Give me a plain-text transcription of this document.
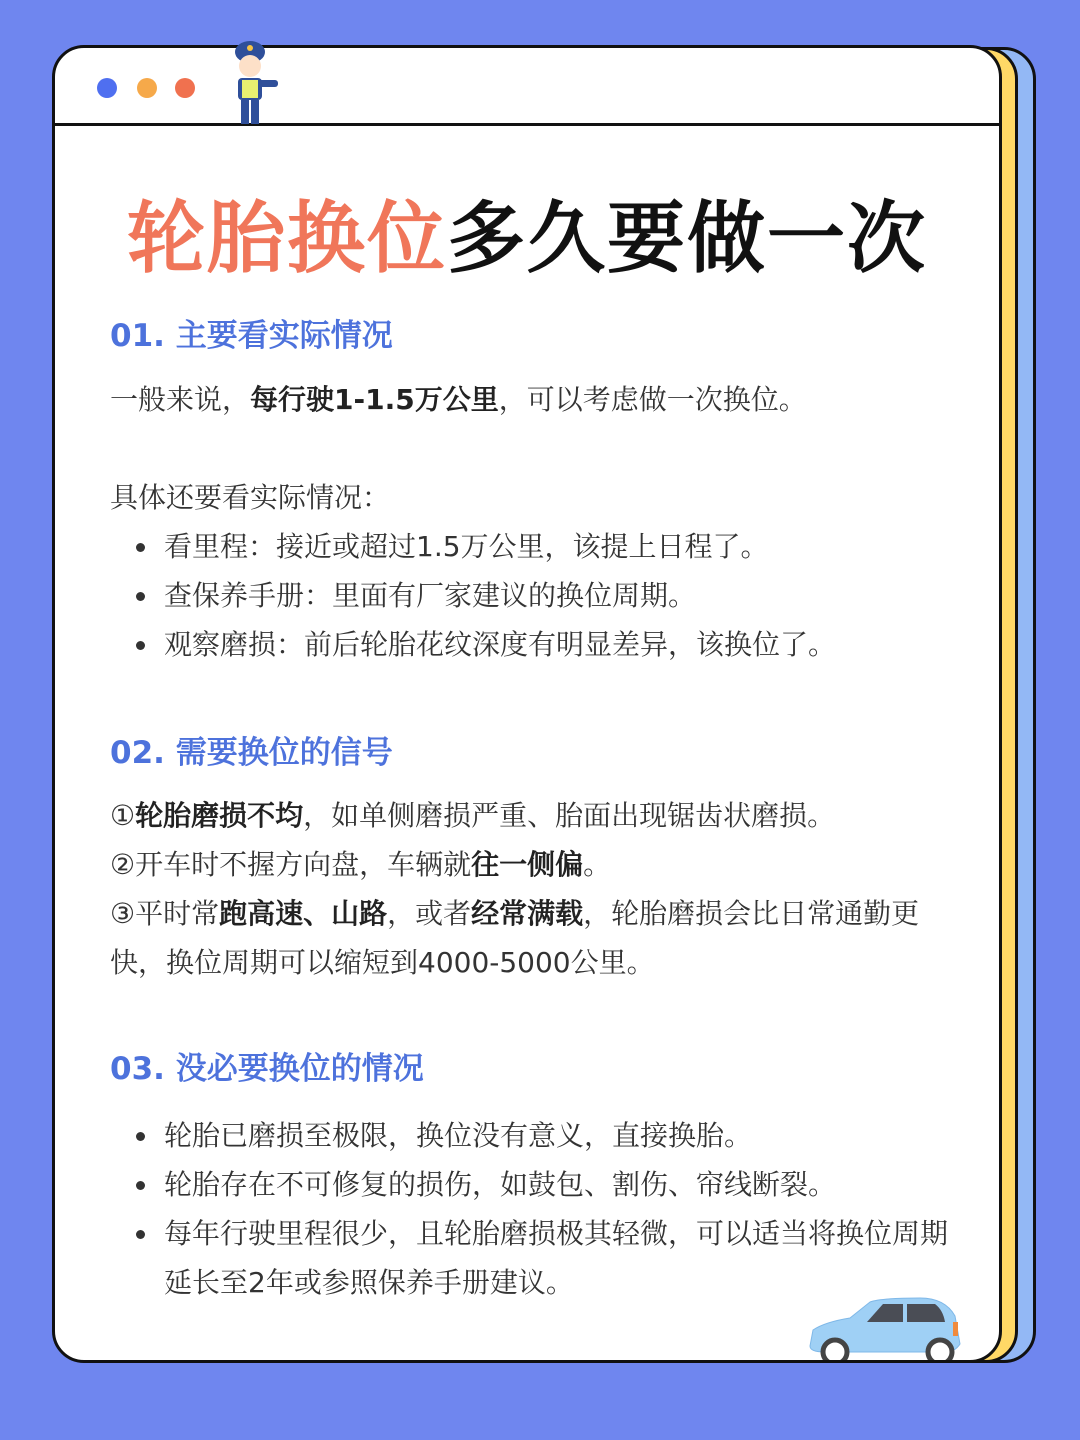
轮胎换位多久要做一次
01. 主要看实际情况
一般来说，每行驶1-1.5万公里，可以考虑做一次换位。
具体还要看实际情况：
看里程：接近或超过1.5万公里，该提上日程了。
查保养手册：里面有厂家建议的换位周期。
观察磨损：前后轮胎花纹深度有明显差异，该换位了。
02. 需要换位的信号
①轮胎磨损不均，如单侧磨损严重、胎面出现锯齿状磨损。
②开车时不握方向盘，车辆就往一侧偏。
③平时常跑高速、山路，或者经常满载，轮胎磨损会比日常通勤更快，换位周期可以缩短到4000-5000公里。
03. 没必要换位的情况
轮胎已磨损至极限，换位没有意义，直接换胎。
轮胎存在不可修复的损伤，如鼓包、割伤、帘线断裂。
每年行驶里程很少，且轮胎磨损极其轻微，可以适当将换位周期延长至2年或参照保养手册建议。
